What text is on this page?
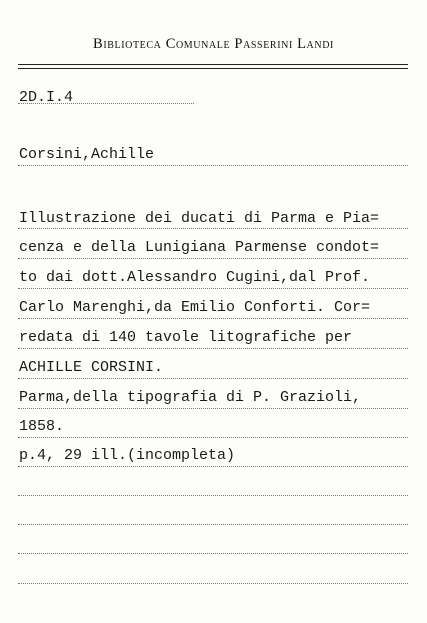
Biblioteca Comunale Passerini Landi
2D.I.4
Corsini,Achille
Illustrazione dei ducati di Parma e Pia=
cenza e della Lunigiana Parmense condot=
to dai dott.Alessandro Cugini,dal Prof.
Carlo Marenghi,da Emilio Conforti. Cor=
redata di 140 tavole litografiche per
ACHILLE CORSINI.
Parma,della tipografia di P. Grazioli,
1858.
p.4, 29 ill.(incompleta)
